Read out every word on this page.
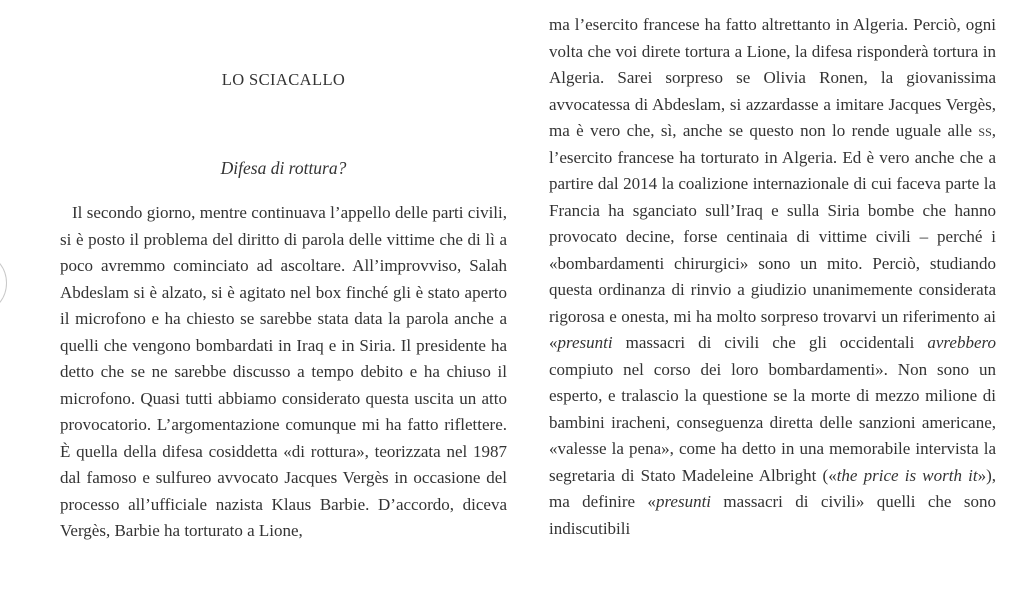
LO SCIACALLO
Difesa di rottura?
Il secondo giorno, mentre continuava l’appello delle parti civili, si è posto il problema del diritto di parola delle vittime che di lì a poco avremmo cominciato ad ascoltare. All’improvviso, Salah Abdeslam si è alzato, si è agitato nel box finché gli è stato aperto il microfono e ha chiesto se sarebbe stata data la parola anche a quelli che vengono bombardati in Iraq e in Siria. Il presidente ha detto che se ne sarebbe discusso a tempo debito e ha chiuso il microfono. Quasi tutti abbiamo considerato questa uscita un atto provocatorio. L’argomentazione comunque mi ha fatto riflettere. È quella della difesa cosiddetta «di rottura», teorizzata nel 1987 dal famoso e sulfureo avvocato Jacques Vergès in occasione del processo all’ufficiale nazista Klaus Barbie. D’accordo, diceva Vergès, Barbie ha torturato a Lione,
ma l’esercito francese ha fatto altrettanto in Algeria. Perciò, ogni volta che voi direte tortura a Lione, la difesa risponderà tortura in Algeria. Sarei sorpreso se Olivia Ronen, la giovanissima avvocatessa di Abdeslam, si azzardasse a imitare Jacques Vergès, ma è vero che, sì, anche se questo non lo rende uguale alle ss, l’esercito francese ha torturato in Algeria. Ed è vero anche che a partire dal 2014 la coalizione internazionale di cui faceva parte la Francia ha sganciato sull’Iraq e sulla Siria bombe che hanno provocato decine, forse centinaia di vittime civili – perché i «bombardamenti chirurgici» sono un mito. Perciò, studiando questa ordinanza di rinvio a giudizio unanimemente considerata rigorosa e onesta, mi ha molto sorpreso trovarvi un riferimento ai «presunti massacri di civili che gli occidentali avrebbero compiuto nel corso dei loro bombardamenti». Non sono un esperto, e tralascio la questione se la morte di mezzo milione di bambini iracheni, conseguenza diretta delle sanzioni americane, «valesse la pena», come ha detto in una memorabile intervista la segretaria di Stato Madeleine Albright («the price is worth it»), ma definire «presunti massacri di civili» quelli che sono indiscutibili
